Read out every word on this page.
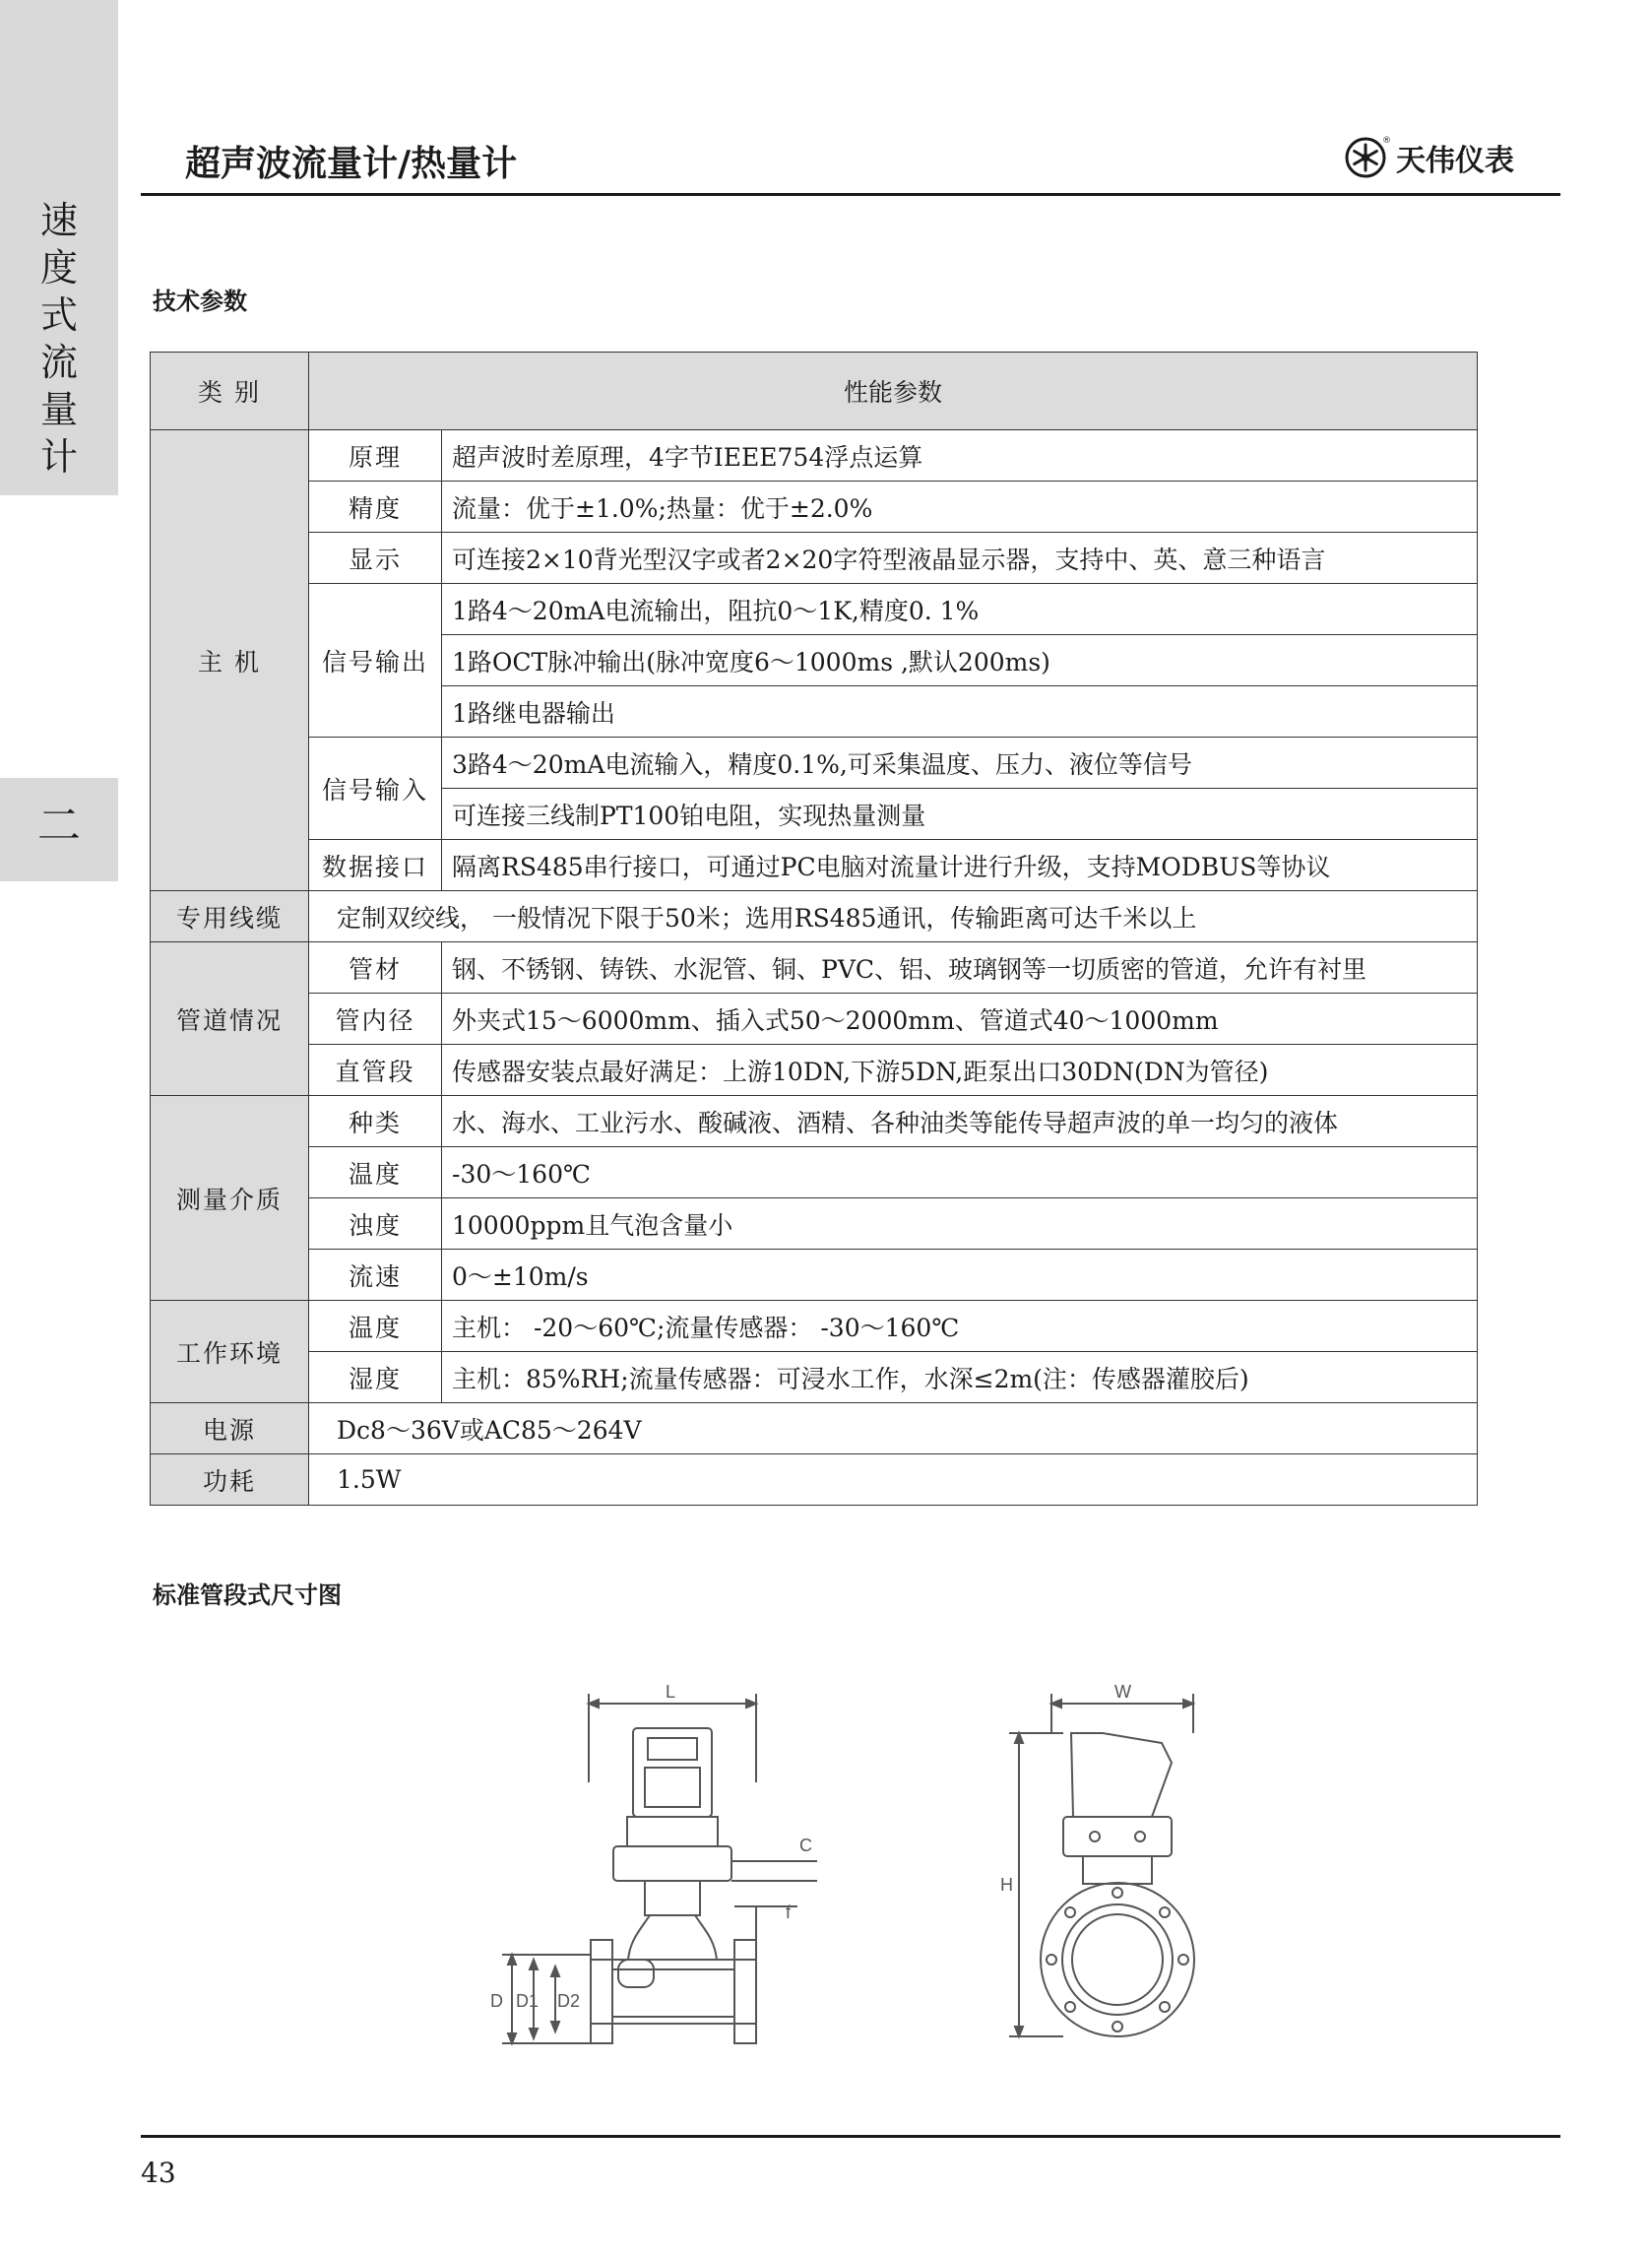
速
度
式
流
量
计
二
超声波流量计/热量计
®
天伟仪表
技术参数
类 别	性能参数	
主 机	原理	超声波时差原理，4字节IEEE754浮点运算
	精度	流量：优于±1.0%;热量：优于±2.0%
	显示	可连接2×10背光型汉字或者2×20字符型液晶显示器，支持中、英、意三种语言
	信号输出	1路4～20mA电流输出，阻抗0～1K,精度0. 1%
		1路OCT脉冲输出(脉冲宽度6～1000ms ,默认200ms)
		1路继电器输出
	信号输入	3路4～20mA电流输入，精度0.1%,可采集温度、压力、液位等信号
		可连接三线制PT100铂电阻，实现热量测量
	数据接口	隔离RS485串行接口，可通过PC电脑对流量计进行升级，支持MODBUS等协议
专用线缆	定制双绞线， 一般情况下限于50米；选用RS485通讯，传输距离可达千米以上	
管道情况	管材	钢、不锈钢、铸铁、水泥管、铜、PVC、铝、玻璃钢等一切质密的管道，允许有衬里
	管内径	外夹式15～6000mm、插入式50～2000mm、管道式40～1000mm
	直管段	传感器安装点最好满足：上游10DN,下游5DN,距泵出口30DN(DN为管径)
测量介质	种类	水、海水、工业污水、酸碱液、酒精、各种油类等能传导超声波的单一均匀的液体
	温度	-30～160℃
	浊度	10000ppm且气泡含量小
	流速	0～±10m/s
工作环境	温度	主机： -20～60℃;流量传感器： -30～160℃
	湿度	主机：85%RH;流量传感器：可浸水工作，水深≤2m(注：传感器灌胶后)
电源	Dc8～36V或AC85～264V	
功耗	1.5W	
标准管段式尺寸图
L
D D1 D2
C
f
W
H
43
